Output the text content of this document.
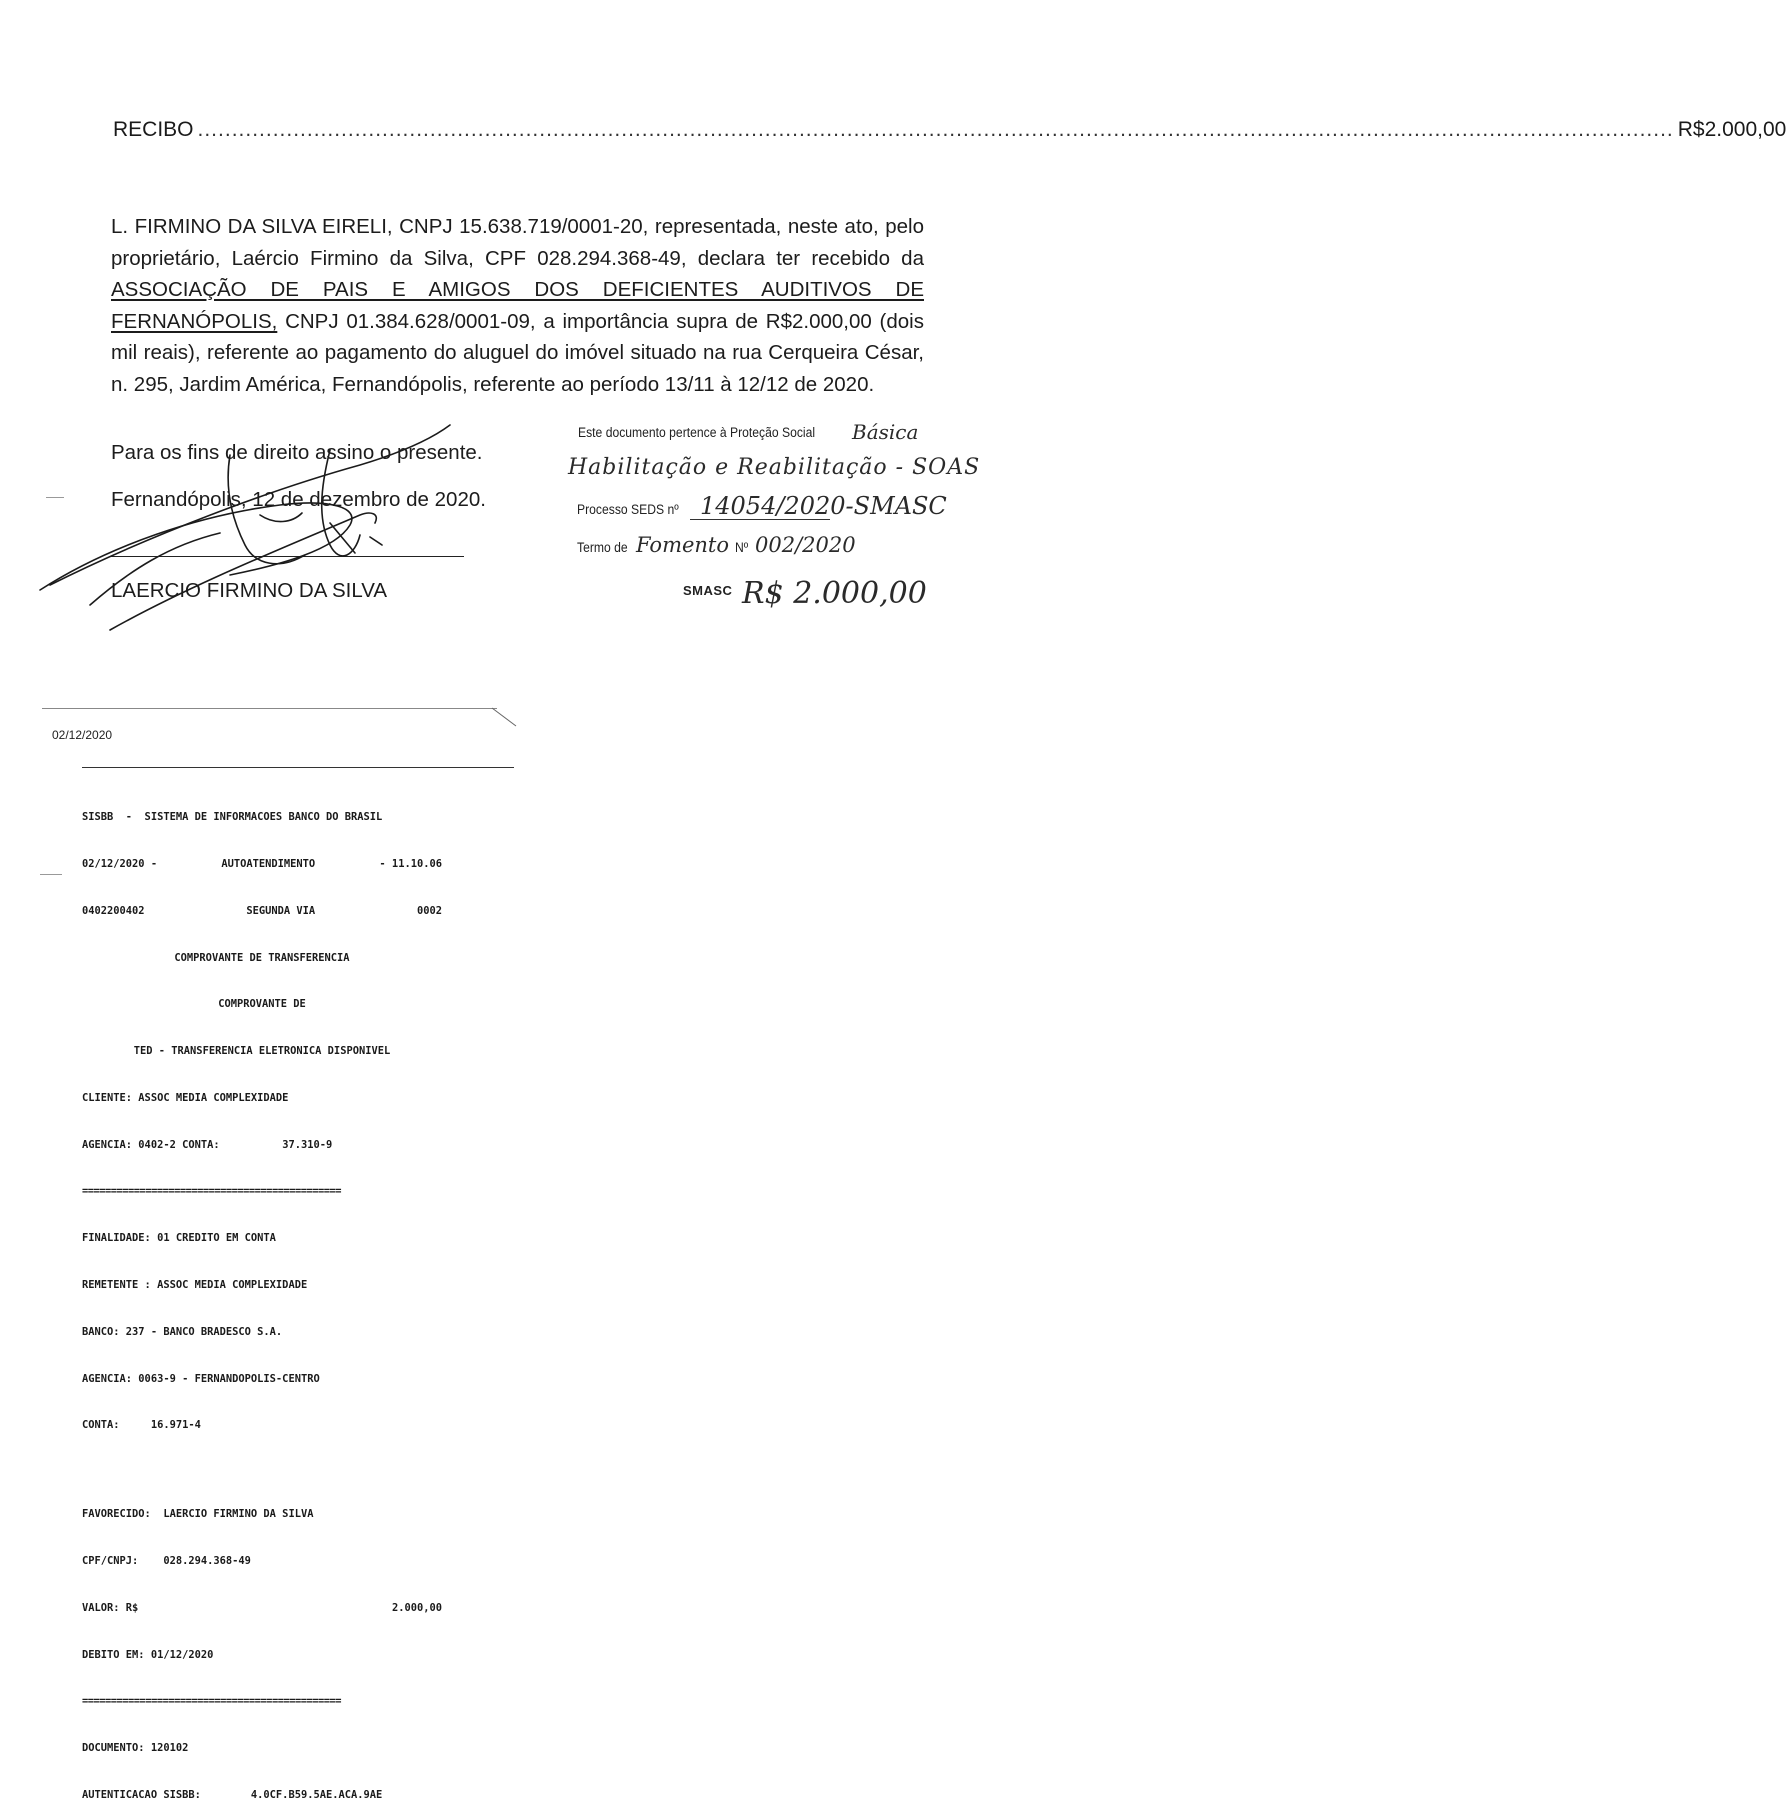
RECIBO ........................................................................................................................................................................................................................ R$2.000,00
L. FIRMINO DA SILVA EIRELI, CNPJ 15.638.719/0001-20, representada, neste ato, pelo proprietário, Laércio Firmino da Silva, CPF 028.294.368-49, declara ter recebido da ASSOCIAÇÃO DE PAIS E AMIGOS DOS DEFICIENTES AUDITIVOS DE FERNANÓPOLIS, CNPJ 01.384.628/0001-09, a importância supra de R$2.000,00 (dois mil reais), referente ao pagamento do aluguel do imóvel situado na rua Cerqueira César, n. 295, Jardim América, Fernandópolis, referente ao período 13/11 à 12/12 de 2020.
Para os fins de direito assino o presente.
Fernandópolis, 12 de dezembro de 2020.
LAERCIO FIRMINO DA SILVA
Este documento pertence à Proteção Social Básica
Habilitação e Reabilitação - SOAS
Processo SEDS nº 14054/2020-SMASC
Termo de Fomento Nº 002/2020
SMASC R$ 2.000,00
02/12/2020

SISBB  -  SISTEMA DE INFORMACOES BANCO DO BRASIL

02/12/2020 -	AUTOATENDIMENTO	- 11.10.06

0402200402	SEGUNDA VIA	0002

COMPROVANTE DE TRANSFERENCIA

COMPROVANTE DE

TED - TRANSFERENCIA ELETRONICA DISPONIVEL

CLIENTE: ASSOC MEDIA COMPLEXIDADE

AGENCIA: 0402-2 CONTA:	37.310-9

=============================================

FINALIDADE: 01 CREDITO EM CONTA

REMETENTE : ASSOC MEDIA COMPLEXIDADE

BANCO: 237 - BANCO BRADESCO S.A.

AGENCIA: 0063-9 - FERNANDOPOLIS-CENTRO

CONTA:	16.971-4

FAVORECIDO:  LAERCIO FIRMINO DA SILVA

CPF/CNPJ: 028.294.368-49

VALOR: R$	2.000,00

DEBITO EM: 01/12/2020

=============================================

DOCUMENTO: 120102

AUTENTICACAO SISBB:	4.0CF.B59.5AE.ACA.9AE
